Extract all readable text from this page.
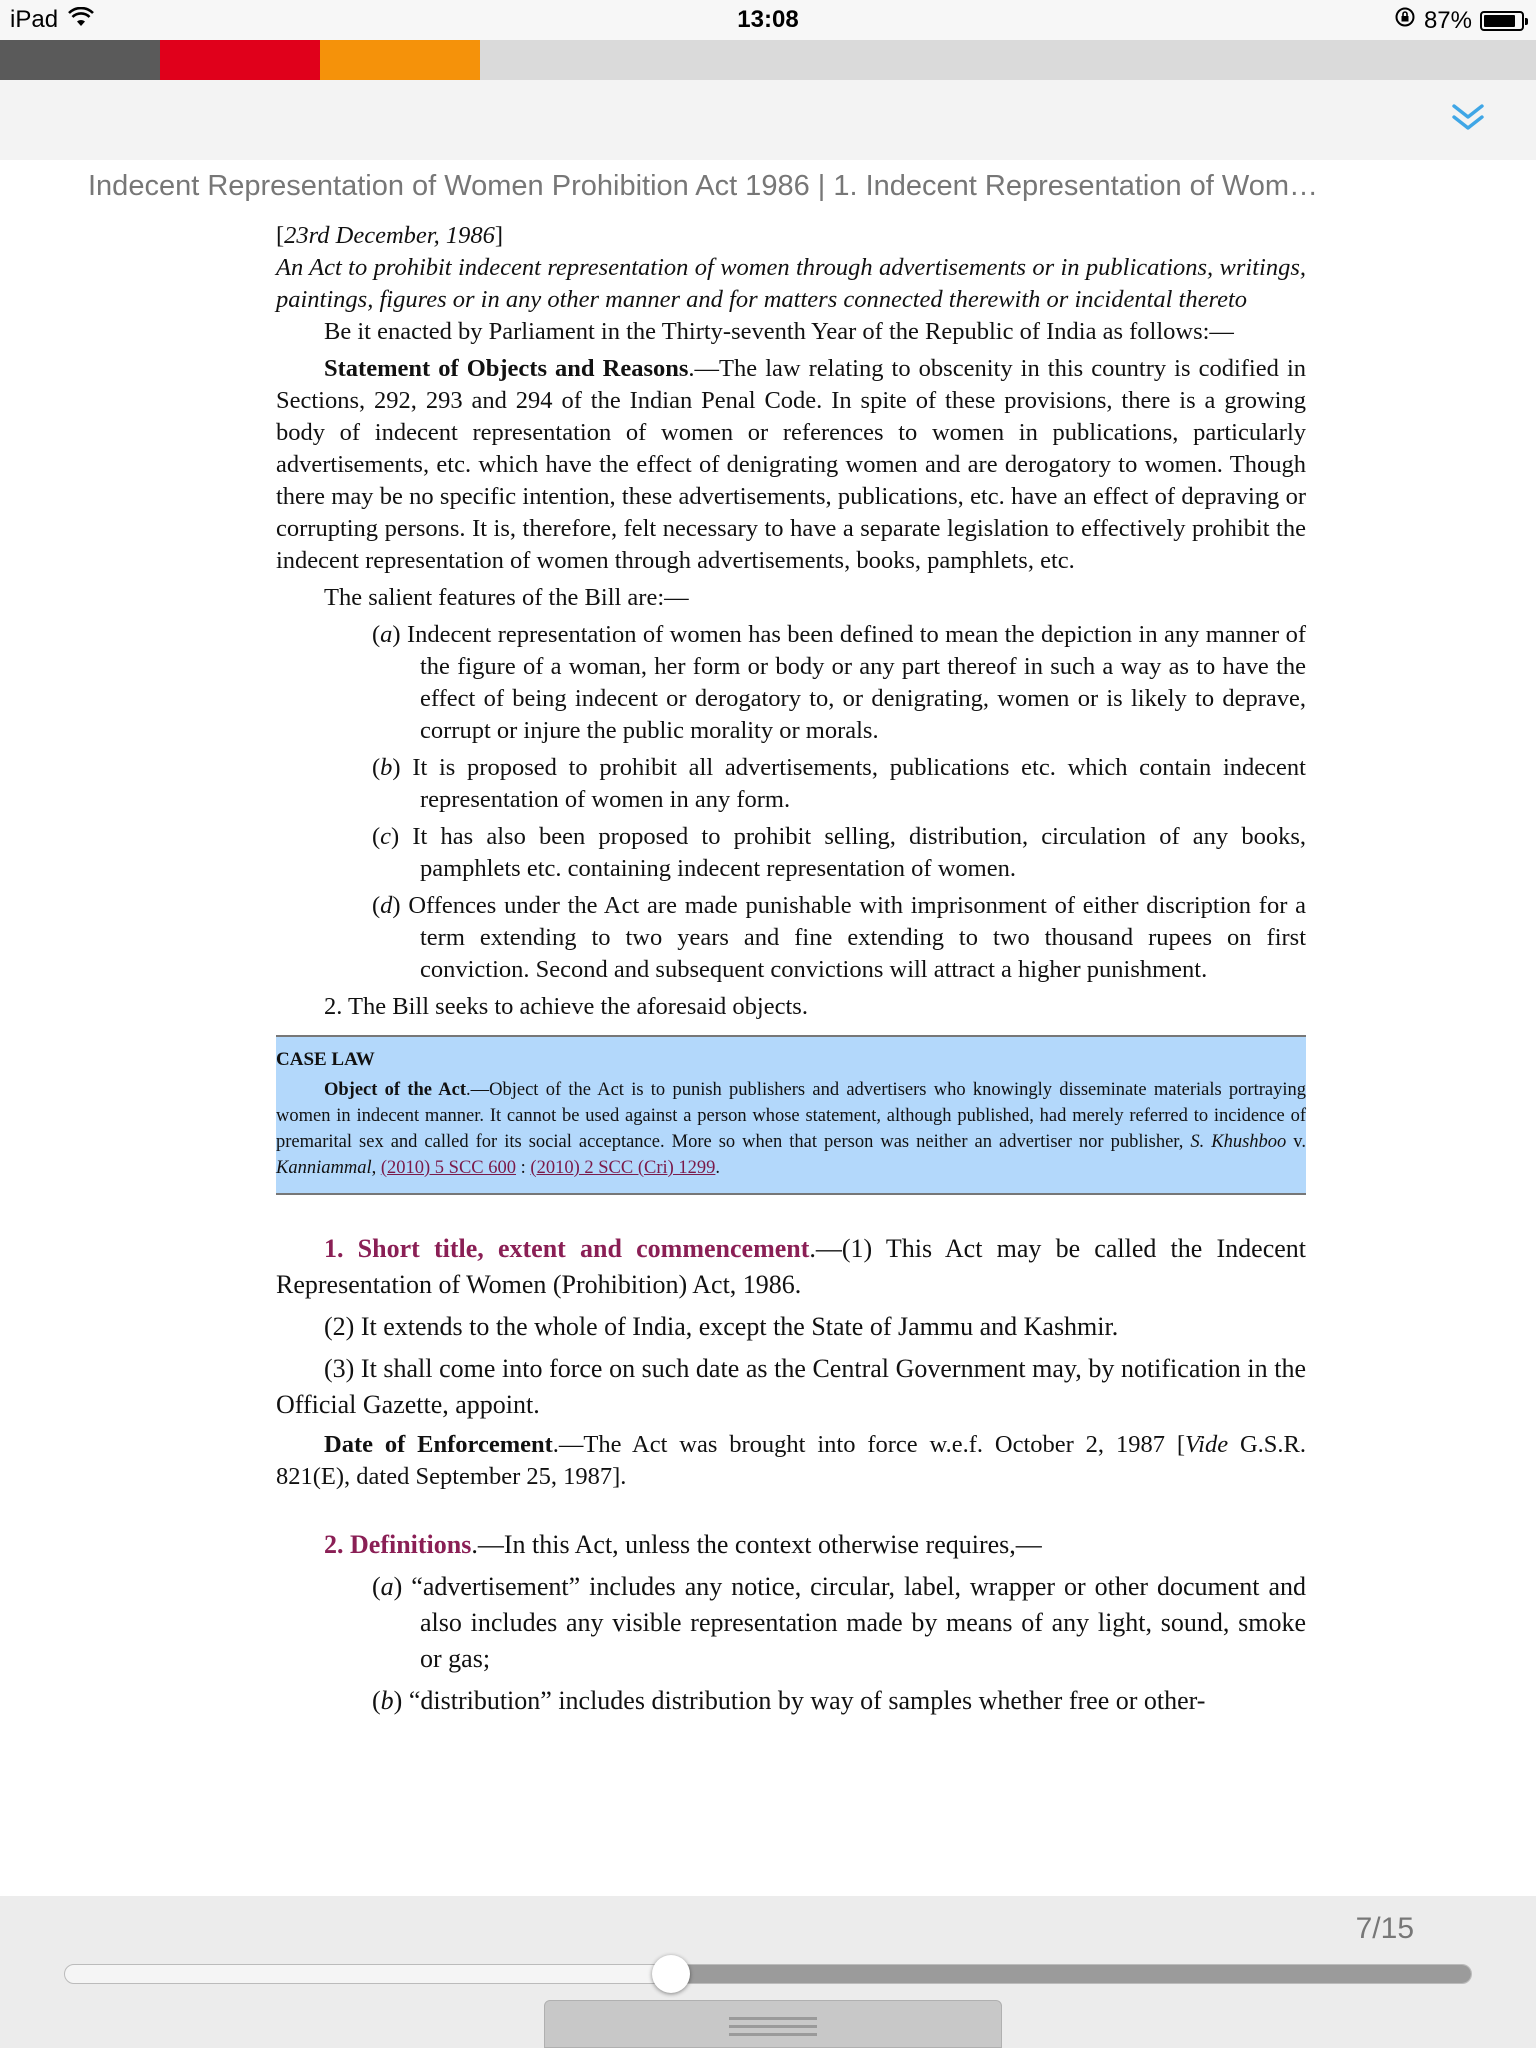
iPad	13:08	87%
Indecent Representation of Women Prohibition Act 1986 | 1. Indecent Representation of Wom…

[23rd December, 1986]

An Act to prohibit indecent representation of women through advertisements or in publications, writings, paintings, figures or in any other manner and for matters connected therewith or incidental thereto

Be it enacted by Parliament in the Thirty-seventh Year of the Republic of India as follows:—

Statement of Objects and Reasons.—The law relating to obscenity in this country is codified in Sections, 292, 293 and 294 of the Indian Penal Code. In spite of these provisions, there is a growing body of indecent representation of women or references to women in publications, particularly advertisements, etc. which have the effect of denigrating women and are derogatory to women. Though there may be no specific intention, these advertisements, publications, etc. have an effect of depraving or corrupting persons. It is, therefore, felt necessary to have a separate legislation to effectively prohibit the indecent representation of women through advertisements, books, pamphlets, etc.

The salient features of the Bill are:—

(a) Indecent representation of women has been defined to mean the depiction in any manner of the figure of a woman, her form or body or any part thereof in such a way as to have the effect of being indecent or derogatory to, or denigrating, women or is likely to deprave, corrupt or injure the public morality or morals.

(b) It is proposed to prohibit all advertisements, publications etc. which contain indecent representation of women in any form.

(c) It has also been proposed to prohibit selling, distribution, circulation of any books, pamphlets etc. containing indecent representation of women.

(d) Offences under the Act are made punishable with imprisonment of either discription for a term extending to two years and fine extending to two thousand rupees on first conviction. Second and subsequent convictions will attract a higher punishment.

2. The Bill seeks to achieve the aforesaid objects.

CASE LAW

Object of the Act.—Object of the Act is to punish publishers and advertisers who knowingly disseminate materials portraying women in indecent manner. It cannot be used against a person whose statement, although published, had merely referred to incidence of premarital sex and called for its social acceptance. More so when that person was neither an advertiser nor publisher, S. Khushboo v. Kanniammal, (2010) 5 SCC 600 : (2010) 2 SCC (Cri) 1299.

1. Short title, extent and commencement.—(1) This Act may be called the Indecent Representation of Women (Prohibition) Act, 1986.

(2) It extends to the whole of India, except the State of Jammu and Kashmir.

(3) It shall come into force on such date as the Central Government may, by notification in the Official Gazette, appoint.

Date of Enforcement.—The Act was brought into force w.e.f. October 2, 1987 [Vide G.S.R. 821(E), dated September 25, 1987].

2. Definitions.—In this Act, unless the context otherwise requires,—

(a) “advertisement” includes any notice, circular, label, wrapper or other document and also includes any visible representation made by means of any light, sound, smoke or gas;

(b) “distribution” includes distribution by way of samples whether free or other-

7/15
